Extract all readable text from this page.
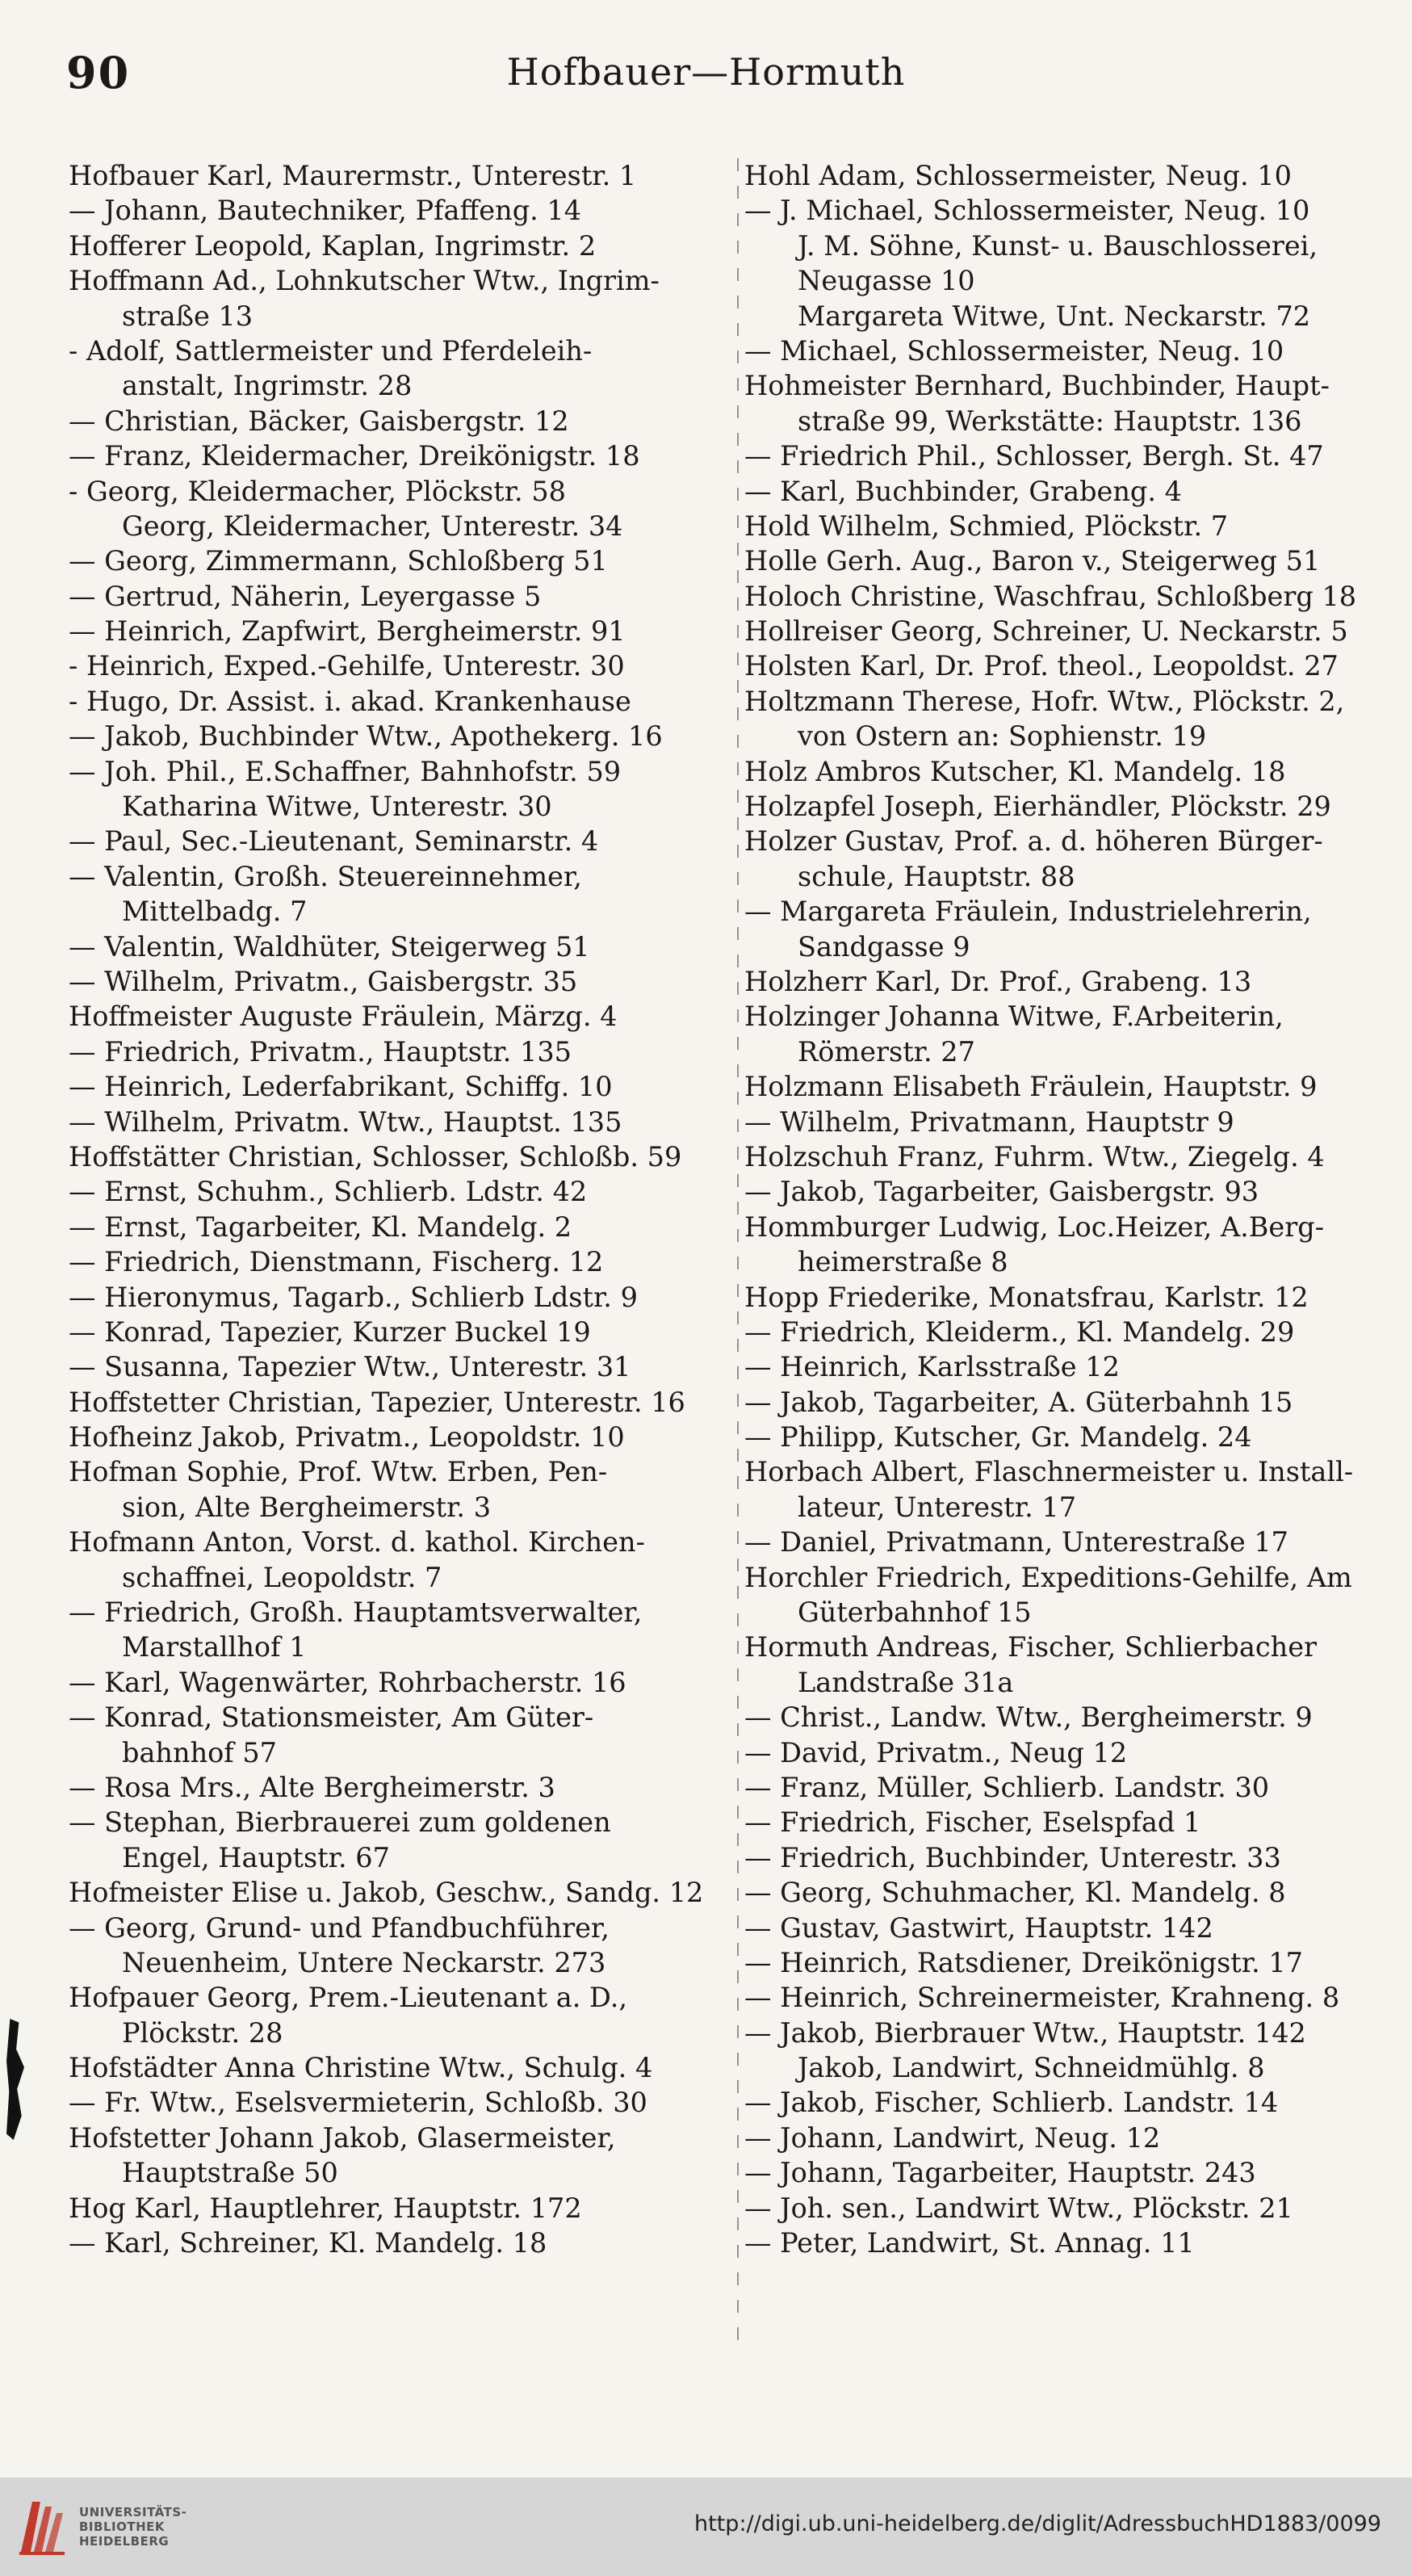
90	Hofbauer—Hormuth
Hofbauer Karl, Maurermstr., Unterestr. 1
— Johann, Bautechniker, Pfaffeng. 14
Hofferer Leopold, Kaplan, Ingrimstr. 2
Hoffmann Ad., Lohnkutscher Wtw., Ingrim-
straße 13
- Adolf, Sattlermeister und Pferdeleih-
anstalt, Ingrimstr. 28
— Christian, Bäcker, Gaisbergstr. 12
— Franz, Kleidermacher, Dreikönigstr. 18
- Georg, Kleidermacher, Plöckstr. 58
Georg, Kleidermacher, Unterestr. 34
— Georg, Zimmermann, Schloßberg 51
— Gertrud, Näherin, Leyergasse 5
— Heinrich, Zapfwirt, Bergheimerstr. 91
- Heinrich, Exped.-Gehilfe, Unterestr. 30
- Hugo, Dr. Assist. i. akad. Krankenhause
— Jakob, Buchbinder Wtw., Apothekerg. 16
— Joh. Phil., E.Schaffner, Bahnhofstr. 59
Katharina Witwe, Unterestr. 30
— Paul, Sec.-Lieutenant, Seminarstr. 4
— Valentin, Großh. Steuereinnehmer,
Mittelbadg. 7
— Valentin, Waldhüter, Steigerweg 51
— Wilhelm, Privatm., Gaisbergstr. 35
Hoffmeister Auguste Fräulein, Märzg. 4
— Friedrich, Privatm., Hauptstr. 135
— Heinrich, Lederfabrikant, Schiffg. 10
— Wilhelm, Privatm. Wtw., Hauptst. 135
Hoffstätter Christian, Schlosser, Schloßb. 59
— Ernst, Schuhm., Schlierb. Ldstr. 42
— Ernst, Tagarbeiter, Kl. Mandelg. 2
— Friedrich, Dienstmann, Fischerg. 12
— Hieronymus, Tagarb., Schlierb Ldstr. 9
— Konrad, Tapezier, Kurzer Buckel 19
— Susanna, Tapezier Wtw., Unterestr. 31
Hoffstetter Christian, Tapezier, Unterestr. 16
Hofheinz Jakob, Privatm., Leopoldstr. 10
Hofman Sophie, Prof. Wtw. Erben, Pen-
sion, Alte Bergheimerstr. 3
Hofmann Anton, Vorst. d. kathol. Kirchen-
schaffnei, Leopoldstr. 7
— Friedrich, Großh. Hauptamtsverwalter,
Marstallhof 1
— Karl, Wagenwärter, Rohrbacherstr. 16
— Konrad, Stationsmeister, Am Güter-
bahnhof 57
— Rosa Mrs., Alte Bergheimerstr. 3
— Stephan, Bierbrauerei zum goldenen
Engel, Hauptstr. 67
Hofmeister Elise u. Jakob, Geschw., Sandg. 12
— Georg, Grund- und Pfandbuchführer,
Neuenheim, Untere Neckarstr. 273
Hofpauer Georg, Prem.-Lieutenant a. D.,
Plöckstr. 28
Hofstädter Anna Christine Wtw., Schulg. 4
— Fr. Wtw., Eselsvermieterin, Schloßb. 30
Hofstetter Johann Jakob, Glasermeister,
Hauptstraße 50
Hog Karl, Hauptlehrer, Hauptstr. 172
— Karl, Schreiner, Kl. Mandelg. 18
Hohl Adam, Schlossermeister, Neug. 10
— J. Michael, Schlossermeister, Neug. 10
J. M. Söhne, Kunst- u. Bauschlosserei,
Neugasse 10
Margareta Witwe, Unt. Neckarstr. 72
— Michael, Schlossermeister, Neug. 10
Hohmeister Bernhard, Buchbinder, Haupt-
straße 99, Werkstätte: Hauptstr. 136
— Friedrich Phil., Schlosser, Bergh. St. 47
— Karl, Buchbinder, Grabeng. 4
Hold Wilhelm, Schmied, Plöckstr. 7
Holle Gerh. Aug., Baron v., Steigerweg 51
Holoch Christine, Waschfrau, Schloßberg 18
Hollreiser Georg, Schreiner, U. Neckarstr. 5
Holsten Karl, Dr. Prof. theol., Leopoldst. 27
Holtzmann Therese, Hofr. Wtw., Plöckstr. 2,
von Ostern an: Sophienstr. 19
Holz Ambros Kutscher, Kl. Mandelg. 18
Holzapfel Joseph, Eierhändler, Plöckstr. 29
Holzer Gustav, Prof. a. d. höheren Bürger-
schule, Hauptstr. 88
— Margareta Fräulein, Industrielehrerin,
Sandgasse 9
Holzherr Karl, Dr. Prof., Grabeng. 13
Holzinger Johanna Witwe, F.Arbeiterin,
Römerstr. 27
Holzmann Elisabeth Fräulein, Hauptstr. 9
— Wilhelm, Privatmann, Hauptstr 9
Holzschuh Franz, Fuhrm. Wtw., Ziegelg. 4
— Jakob, Tagarbeiter, Gaisbergstr. 93
Hommburger Ludwig, Loc.Heizer, A.Berg-
heimerstraße 8
Hopp Friederike, Monatsfrau, Karlstr. 12
— Friedrich, Kleiderm., Kl. Mandelg. 29
— Heinrich, Karlsstraße 12
— Jakob, Tagarbeiter, A. Güterbahnh 15
— Philipp, Kutscher, Gr. Mandelg. 24
Horbach Albert, Flaschnermeister u. Install-
lateur, Unterestr. 17
— Daniel, Privatmann, Unterestraße 17
Horchler Friedrich, Expeditions-Gehilfe, Am
Güterbahnhof 15
Hormuth Andreas, Fischer, Schlierbacher
Landstraße 31a
— Christ., Landw. Wtw., Bergheimerstr. 9
— David, Privatm., Neug 12
— Franz, Müller, Schlierb. Landstr. 30
— Friedrich, Fischer, Eselspfad 1
— Friedrich, Buchbinder, Unterestr. 33
— Georg, Schuhmacher, Kl. Mandelg. 8
— Gustav, Gastwirt, Hauptstr. 142
— Heinrich, Ratsdiener, Dreikönigstr. 17
— Heinrich, Schreinermeister, Krahneng. 8
— Jakob, Bierbrauer Wtw., Hauptstr. 142
Jakob, Landwirt, Schneidmühlg. 8
— Jakob, Fischer, Schlierb. Landstr. 14
— Johann, Landwirt, Neug. 12
— Johann, Tagarbeiter, Hauptstr. 243
— Joh. sen., Landwirt Wtw., Plöckstr. 21
— Peter, Landwirt, St. Annag. 11
UNIVERSITÄTS-
BIBLIOTHEK
HEIDELBERG
http://digi.ub.uni-heidelberg.de/diglit/AdressbuchHD1883/0099
